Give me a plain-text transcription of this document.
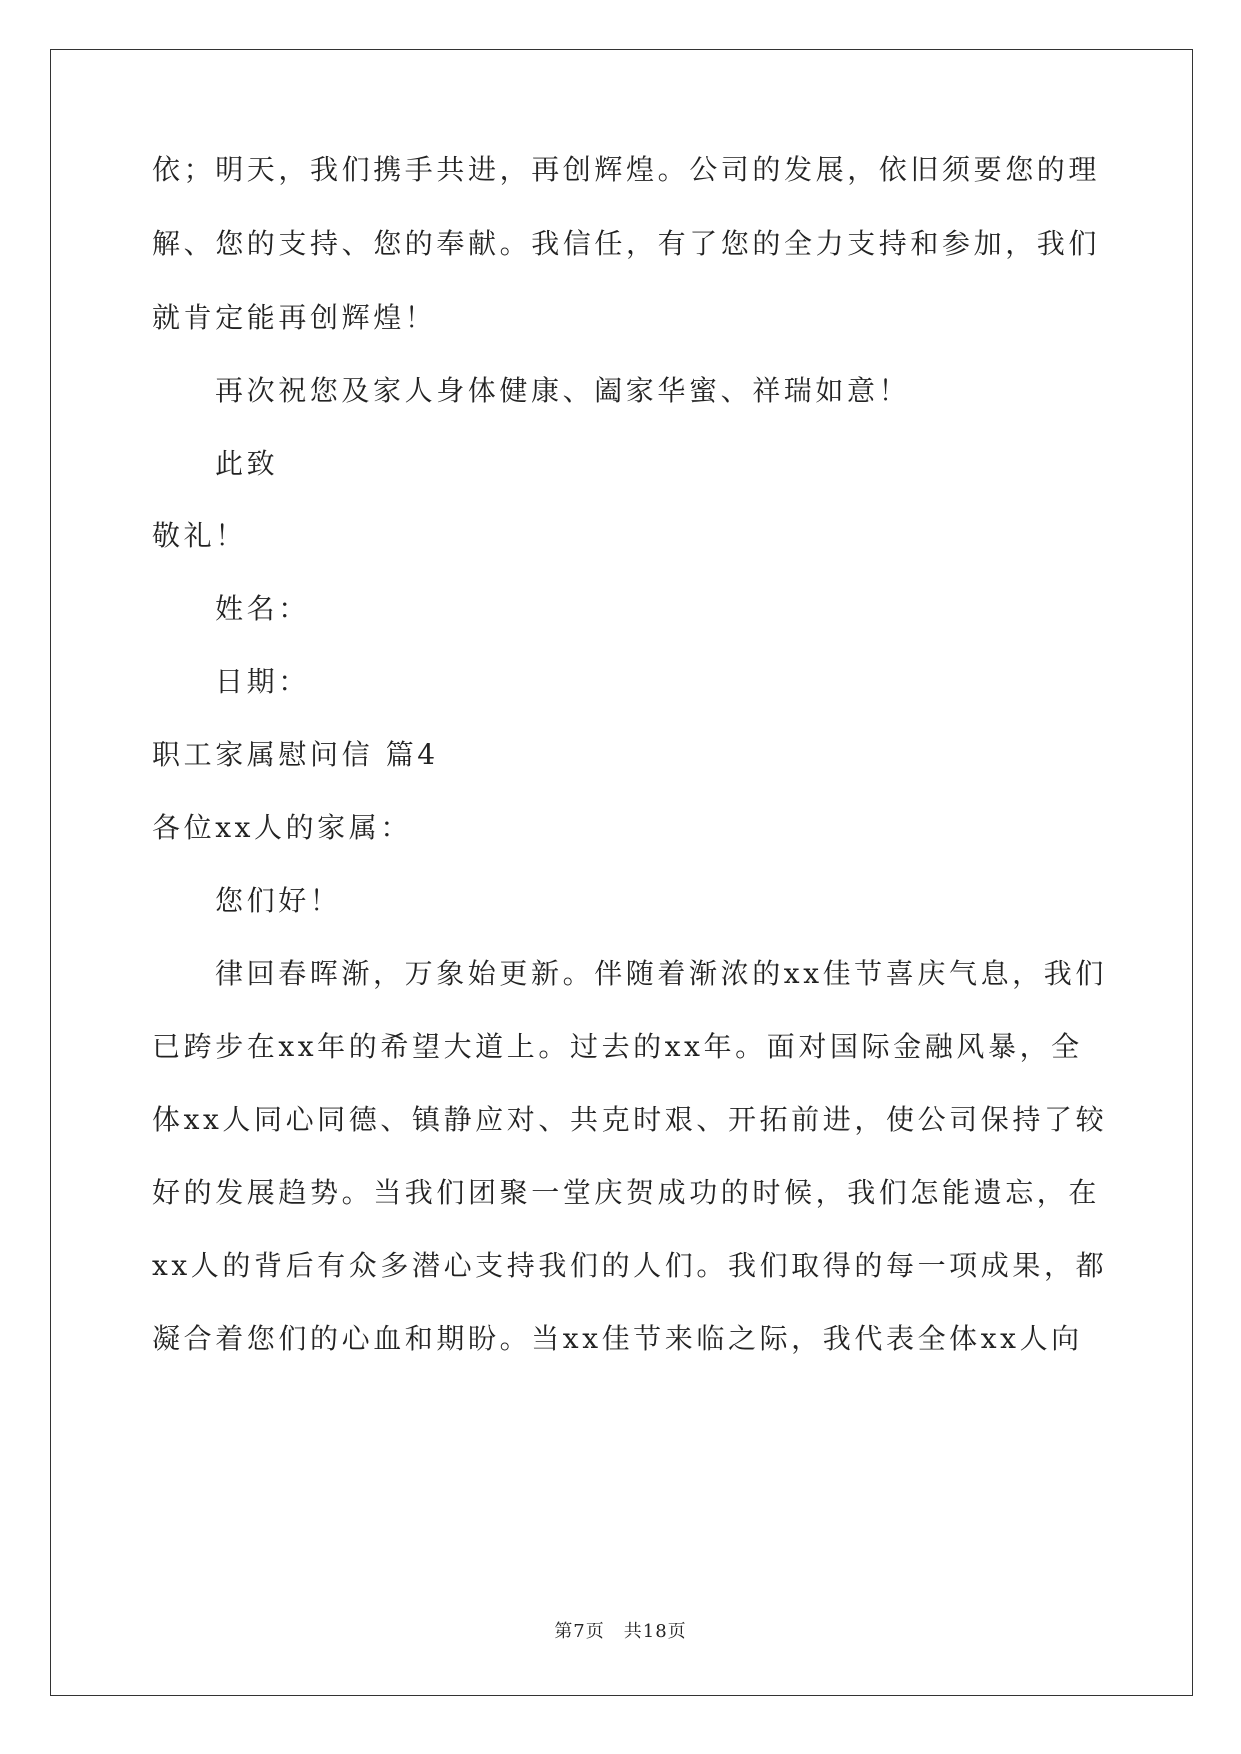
依；明天，我们携手共进，再创辉煌。公司的发展，依旧须要您的理
解、您的支持、您的奉献。我信任，有了您的全力支持和参加，我们
就肯定能再创辉煌！
再次祝您及家人身体健康、阖家华蜜、祥瑞如意！
此致
敬礼！
姓名：
日期：
职工家属慰问信 篇4
各位xx人的家属：
您们好！
律回春晖渐，万象始更新。伴随着渐浓的xx佳节喜庆气息，我们
已跨步在xx年的希望大道上。过去的xx年。面对国际金融风暴，全
体xx人同心同德、镇静应对、共克时艰、开拓前进，使公司保持了较
好的发展趋势。当我们团聚一堂庆贺成功的时候，我们怎能遗忘，在
xx人的背后有众多潜心支持我们的人们。我们取得的每一项成果，都
凝合着您们的心血和期盼。当xx佳节来临之际，我代表全体xx人向
第7页　共18页
